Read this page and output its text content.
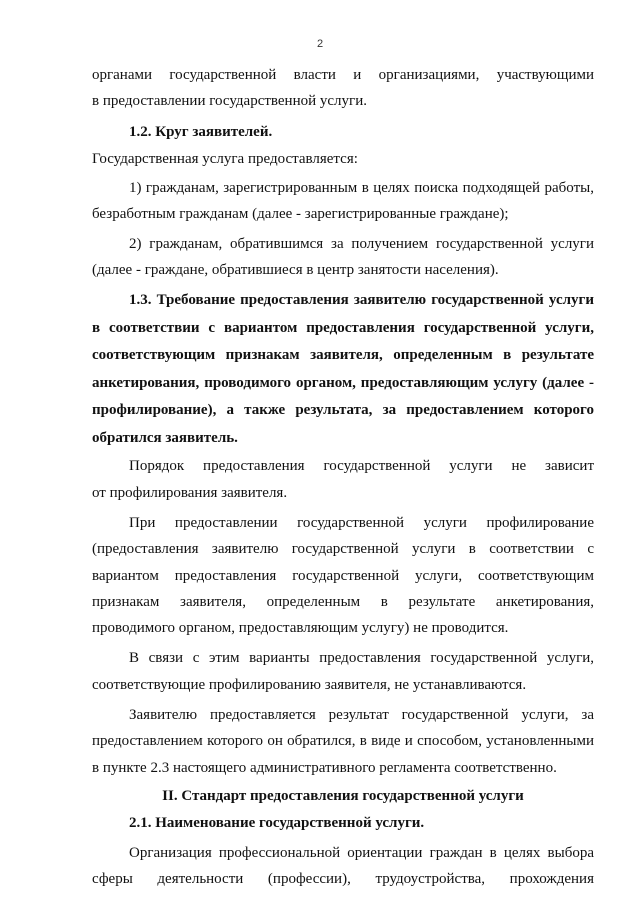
2

органами государственной власти и организациями, участвующими
в предоставлении государственной услуги.

1.2. Круг заявителей.

Государственная услуга предоставляется:

1) гражданам, зарегистрированным в целях поиска подходящей работы,
безработным гражданам (далее - зарегистрированные граждане);

2) гражданам, обратившимся за получением государственной услуги
(далее - граждане, обратившиеся в центр занятости населения).

1.3. Требование предоставления заявителю государственной услуги
в соответствии с вариантом предоставления государственной услуги,
соответствующим признакам заявителя, определенным в результате
анкетирования, проводимого органом, предоставляющим услугу (далее -
профилирование), а также результата, за предоставлением которого
обратился заявитель.

Порядок предоставления государственной услуги не зависит
от профилирования заявителя.

При предоставлении государственной услуги профилирование
(предоставления заявителю государственной услуги в соответствии с
вариантом предоставления государственной услуги, соответствующим
признакам заявителя, определенным в результате анкетирования,
проводимого органом, предоставляющим услугу) не проводится.

В связи с этим варианты предоставления государственной услуги,
соответствующие профилированию заявителя, не устанавливаются.

Заявителю предоставляется результат государственной услуги, за
предоставлением которого он обратился, в виде и способом, установленными
в пункте 2.3 настоящего административного регламента соответственно.

II. Стандарт предоставления государственной услуги

2.1. Наименование государственной услуги.

Организация профессиональной ориентации граждан в целях выбора
сферы деятельности (профессии), трудоустройства, прохождения
